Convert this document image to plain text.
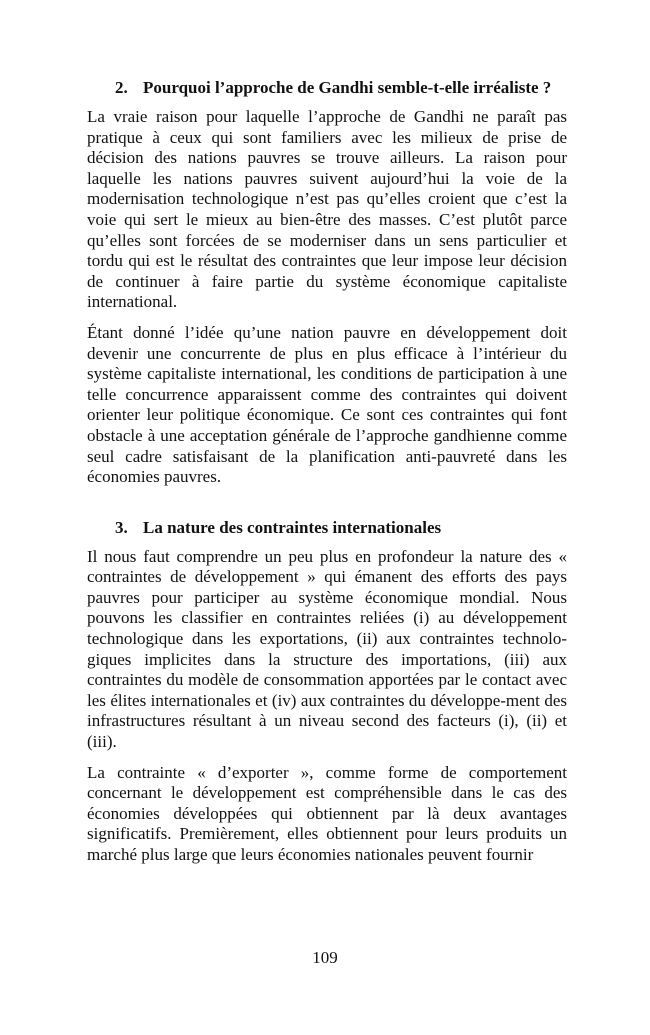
2. Pourquoi l’approche de Gandhi semble-t-elle irréaliste ?

La vraie raison pour laquelle l’approche de Gandhi ne paraît pas pratique à ceux qui sont familiers avec les milieux de prise de décision des nations pauvres se trouve ailleurs. La raison pour laquelle les nations pauvres suivent aujourd’hui la voie de la modernisation technologique n’est pas qu’elles croient que c’est la voie qui sert le mieux au bien-être des masses. C’est plutôt parce qu’elles sont forcées de se moderniser dans un sens particulier et tordu qui est le résultat des contraintes que leur impose leur décision de continuer à faire partie du système économique capitaliste international.

Étant donné l’idée qu’une nation pauvre en développement doit devenir une concurrente de plus en plus efficace à l’intérieur du système capitaliste international, les conditions de participation à une telle concurrence apparaissent comme des contraintes qui doivent orienter leur politique économique. Ce sont ces contraintes qui font obstacle à une acceptation générale de l’approche gandhienne comme seul cadre satisfaisant de la planification anti-pauvreté dans les économies pauvres.

3. La nature des contraintes internationales

Il nous faut comprendre un peu plus en profondeur la nature des « contraintes de développement » qui émanent des efforts des pays pauvres pour participer au système économique mondial. Nous pouvons les classifier en contraintes reliées (i) au développement technologique dans les exportations, (ii) aux contraintes technolo-giques implicites dans la structure des importations, (iii) aux contraintes du modèle de consommation apportées par le contact avec les élites internationales et (iv) aux contraintes du développe-ment des infrastructures résultant à un niveau second des facteurs (i), (ii) et (iii).

La contrainte « d’exporter », comme forme de comportement concernant le développement est compréhensible dans le cas des économies développées qui obtiennent par là deux avantages significatifs. Premièrement, elles obtiennent pour leurs produits un marché plus large que leurs économies nationales peuvent fournir

109
